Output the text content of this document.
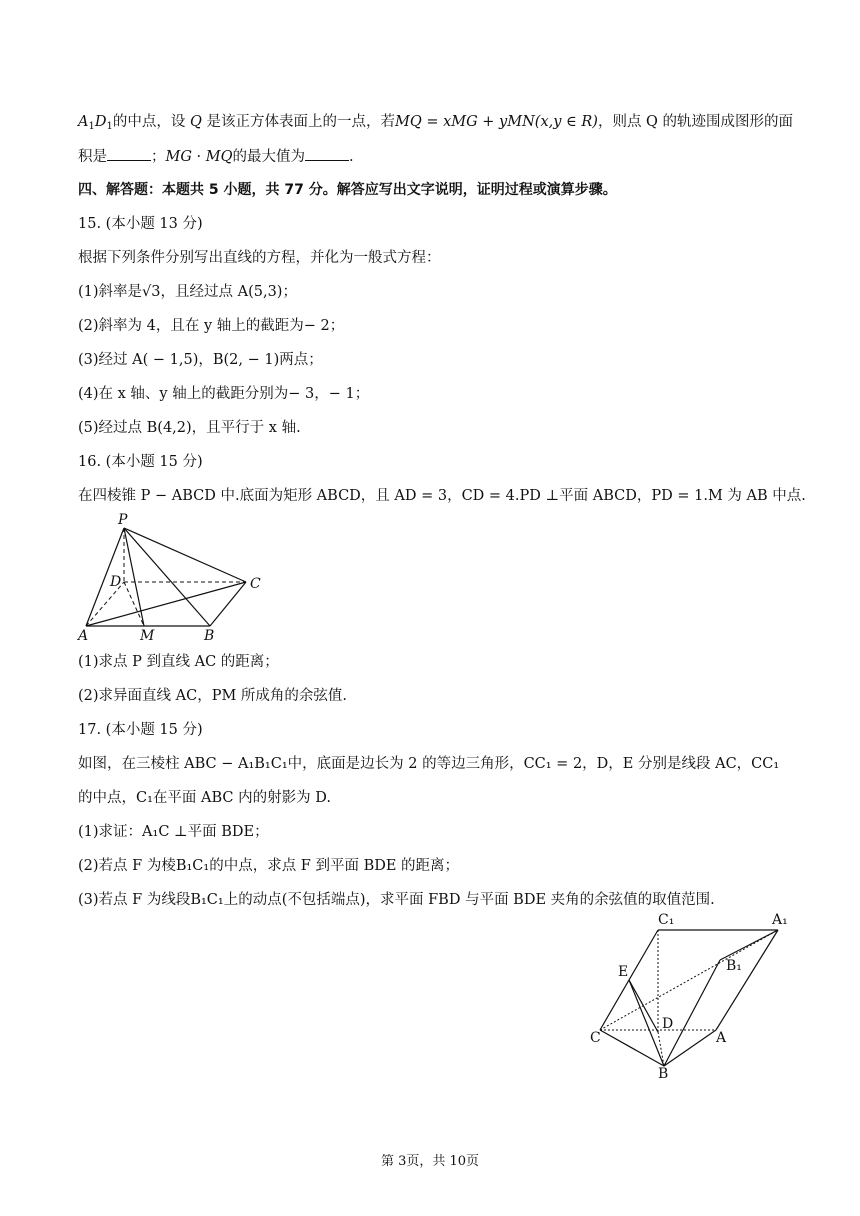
$A_1D_1$的中点，设 Q 是该正方体表面上的一点，若MQ = xMG + yMN(x,y ∈ R)，则点 Q 的轨迹围成图形的面
积是	；MG · MQ的最大值为	.
四、解答题：本题共 5 小题，共 77 分。解答应写出文字说明，证明过程或演算步骤。
15. (本小题 13 分)
根据下列条件分别写出直线的方程，并化为一般式方程：
(1)斜率是√3，且经过点 A(5,3)；
(2)斜率为 4，且在 y 轴上的截距为− 2；
(3)经过 A( − 1,5)，B(2, − 1)两点；
(4)在 x 轴、y 轴上的截距分别为− 3，− 1；
(5)经过点 B(4,2)，且平行于 x 轴.
16. (本小题 15 分)
在四棱锥 P − ABCD 中.底面为矩形 ABCD，且 AD = 3，CD = 4.PD ⊥平面 ABCD，PD = 1.M 为 AB 中点.
P
D	C
A	M	B
(1)求点 P 到直线 AC 的距离；
(2)求异面直线 AC，PM 所成角的余弦值.
17. (本小题 15 分)
如图，在三棱柱 ABC − A₁B₁C₁中，底面是边长为 2 的等边三角形，CC₁ = 2，D，E 分别是线段 AC，CC₁
的中点，C₁在平面 ABC 内的射影为 D.
(1)求证：A₁C ⊥平面 BDE；
(2)若点 F 为棱B₁C₁的中点，求点 F 到平面 BDE 的距离；
(3)若点 F 为线段B₁C₁上的动点(不包括端点)，求平面 FBD 与平面 BDE 夹角的余弦值的取值范围.
C₁	A₁
B₁
E
D
C	A
B
第 3页，共 10页
